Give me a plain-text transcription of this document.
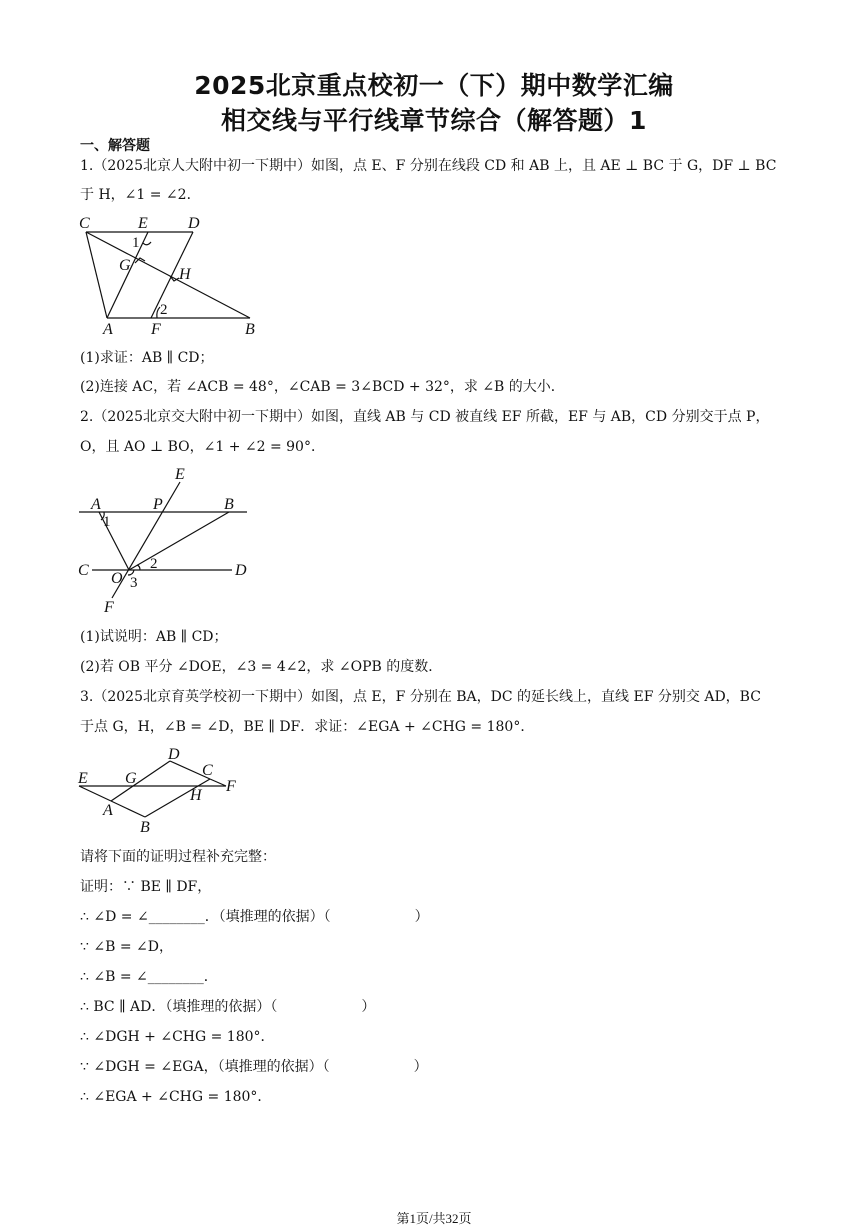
2025北京重点校初一（下）期中数学汇编
相交线与平行线章节综合（解答题）1
一、解答题
1.（2025北京人大附中初一下期中）如图，点 E、F 分别在线段 CD 和 AB 上，且 AE ⊥ BC 于 G，DF ⊥ BC
于 H，∠1 = ∠2．
C	E	D
1
G
H
2
A F	B
(1)求证：AB ∥ CD；
(2)连接 AC，若 ∠ACB = 48°，∠CAB = 3∠BCD + 32°，求 ∠B 的大小．
2.（2025北京交大附中初一下期中）如图，直线 AB 与 CD 被直线 EF 所截，EF 与 AB，CD 分别交于点 P，
O，且 AO ⊥ BO，∠1 + ∠2 = 90°．
E
A	P	B
1
C O
2
3
D
F
(1)试说明：AB ∥ CD；
(2)若 OB 平分 ∠DOE，∠3 = 4∠2，求 ∠OPB 的度数．
3.（2025北京育英学校初一下期中）如图，点 E，F 分别在 BA，DC 的延长线上，直线 EF 分别交 AD，BC
于点 G，H，∠B = ∠D，BE ∥ DF．求证：∠EGA + ∠CHG = 180°．
D
E G	C
F
H
A
B
请将下面的证明过程补充完整：
证明：∵ BE ∥ DF，
∴ ∠D = ∠________．（填推理的依据）（　　　　　　）
∵ ∠B = ∠D，
∴ ∠B = ∠________．
∴ BC ∥ AD．（填推理的依据）（　　　　　　）
∴ ∠DGH + ∠CHG = 180°．
∵ ∠DGH = ∠EGA，（填推理的依据）（　　　　　　）
∴ ∠EGA + ∠CHG = 180°．
第1页/共32页
